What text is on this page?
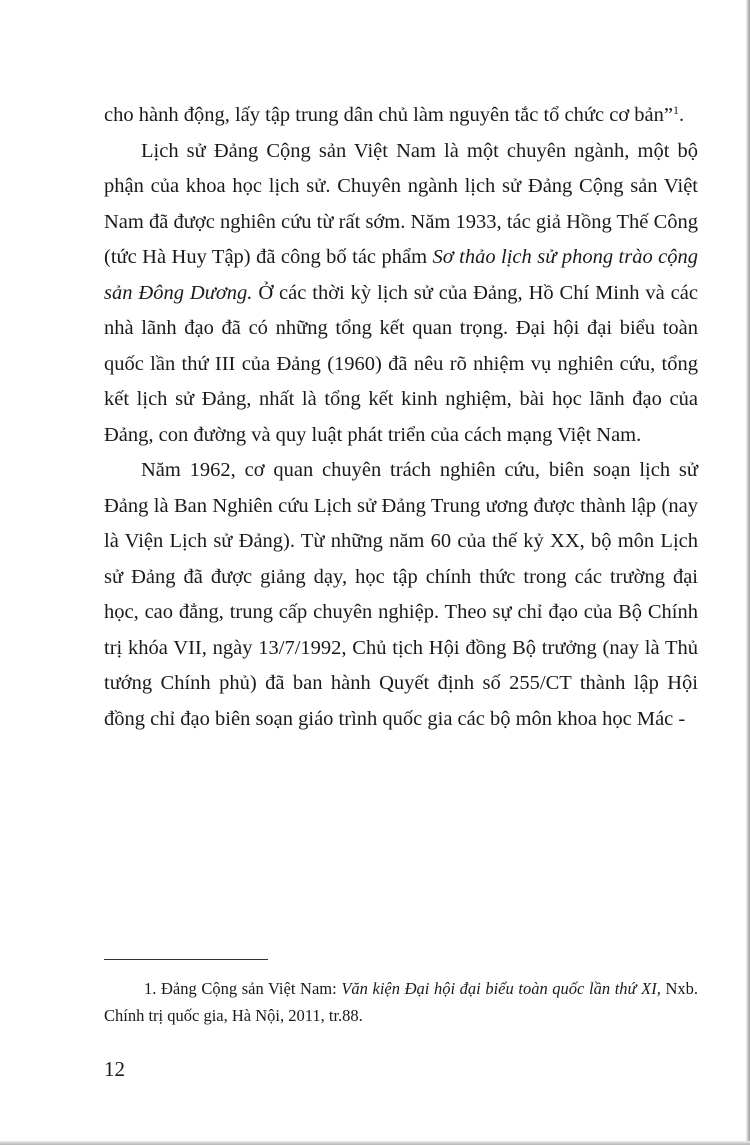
cho hành động, lấy tập trung dân chủ làm nguyên tắc tổ chức cơ bản”$^1$.

Lịch sử Đảng Cộng sản Việt Nam là một chuyên ngành, một bộ phận của khoa học lịch sử. Chuyên ngành lịch sử Đảng Cộng sản Việt Nam đã được nghiên cứu từ rất sớm. Năm 1933, tác giả Hồng Thế Công (tức Hà Huy Tập) đã công bố tác phẩm Sơ thảo lịch sử phong trào cộng sản Đông Dương. Ở các thời kỳ lịch sử của Đảng, Hồ Chí Minh và các nhà lãnh đạo đã có những tổng kết quan trọng. Đại hội đại biểu toàn quốc lần thứ III của Đảng (1960) đã nêu rõ nhiệm vụ nghiên cứu, tổng kết lịch sử Đảng, nhất là tổng kết kinh nghiệm, bài học lãnh đạo của Đảng, con đường và quy luật phát triển của cách mạng Việt Nam.

Năm 1962, cơ quan chuyên trách nghiên cứu, biên soạn lịch sử Đảng là Ban Nghiên cứu Lịch sử Đảng Trung ương được thành lập (nay là Viện Lịch sử Đảng). Từ những năm 60 của thế kỷ XX, bộ môn Lịch sử Đảng đã được giảng dạy, học tập chính thức trong các trường đại học, cao đẳng, trung cấp chuyên nghiệp. Theo sự chỉ đạo của Bộ Chính trị khóa VII, ngày 13/7/1992, Chủ tịch Hội đồng Bộ trưởng (nay là Thủ tướng Chính phủ) đã ban hành Quyết định số 255/CT thành lập Hội đồng chỉ đạo biên soạn giáo trình quốc gia các bộ môn khoa học Mác -

1. Đảng Cộng sản Việt Nam: Văn kiện Đại hội đại biểu toàn quốc lần thứ XI, Nxb. Chính trị quốc gia, Hà Nội, 2011, tr.88.

12
